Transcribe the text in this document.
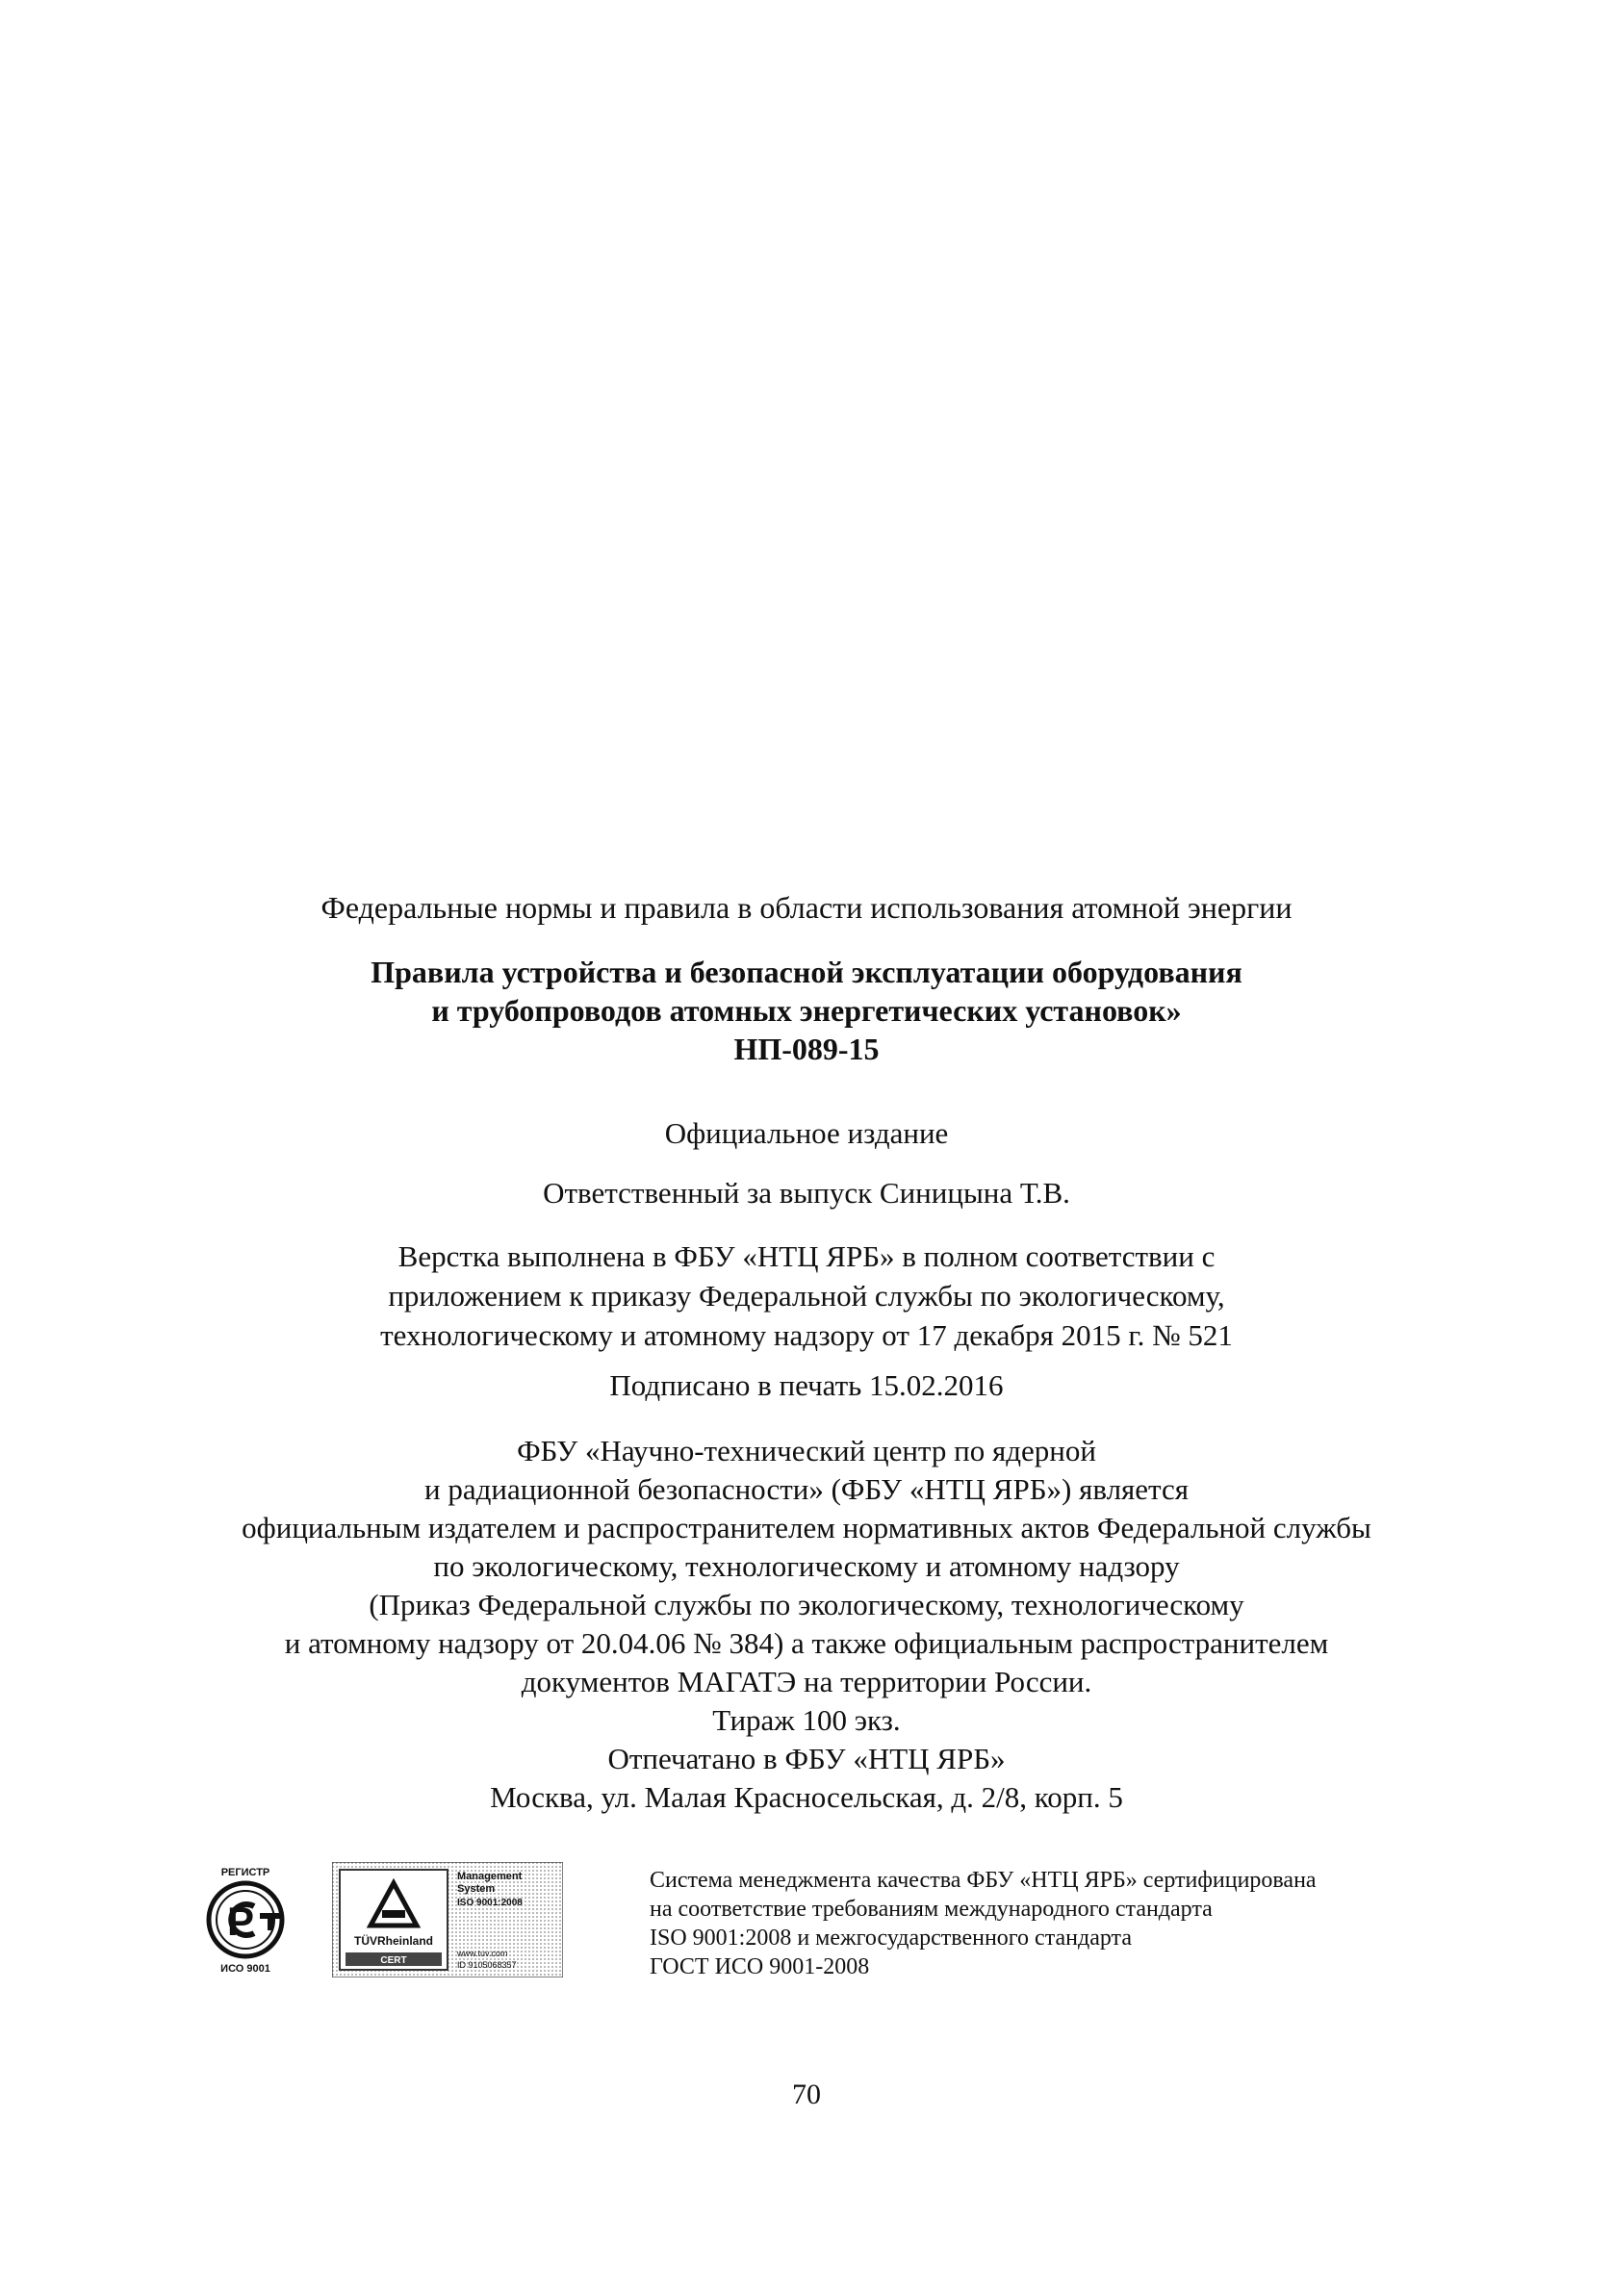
Федеральные нормы и правила в области использования атомной энергии
Правила устройства и безопасной эксплуатации оборудования
и трубопроводов атомных энергетических установок»
НП-089-15
Официальное издание
Ответственный за выпуск Синицына Т.В.
Верстка выполнена в ФБУ «НТЦ ЯРБ» в полном соответствии с
приложением к приказу Федеральной службы по экологическому,
технологическому и атомному надзору от 17 декабря 2015 г. № 521
Подписано в печать 15.02.2016
ФБУ «Научно-технический центр по ядерной
и радиационной безопасности» (ФБУ «НТЦ ЯРБ») является
официальным издателем и распространителем нормативных актов Федеральной службы
по экологическому, технологическому и атомному надзору
(Приказ Федеральной службы по экологическому, технологическому
и атомному надзору от 20.04.06 № 384) а также официальным распространителем
документов МАГАТЭ на территории России.
Тираж 100 экз.
Отпечатано в ФБУ «НТЦ ЯРБ»
Москва, ул. Малая Красносельская, д. 2/8, корп. 5
РЕГИСТР
Р
ИСО 9001
TÜVRheinland
CERT
Management
System
ISO 9001:2008
www.tuv.com
ID 9105068357
Система менеджмента качества ФБУ «НТЦ ЯРБ» сертифицирована
на соответствие требованиям международного стандарта
ISO 9001:2008 и межгосударственного стандарта
ГОСТ ИСО 9001-2008
70
